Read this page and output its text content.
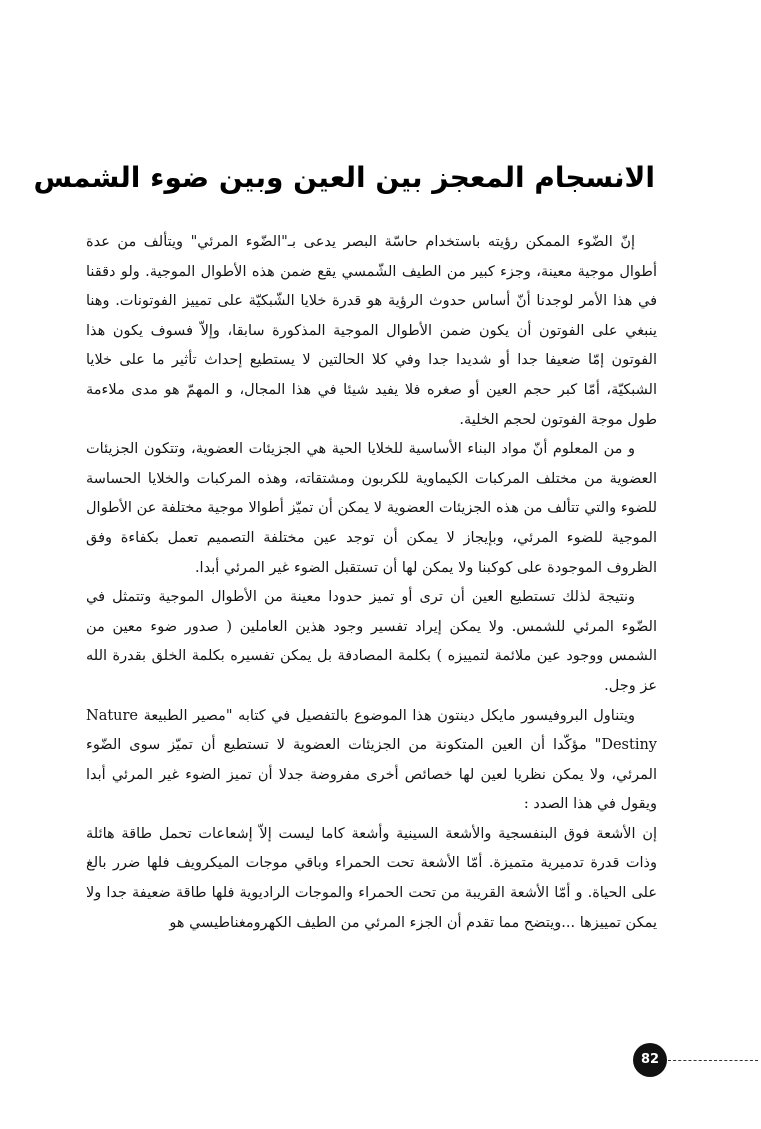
الانسجام المعجز بين العين وبين ضوء الشمس

إنّ الضّوء الممكن رؤيته باستخدام حاسّة البصر يدعى بـ"الضّوء المرئي" ويتألف من عدة أطوال موجية معينة، وجزء كبير من الطيف الشّمسي يقع ضمن هذه الأطوال الموجية. ولو دققنا في هذا الأمر لوجدنا أنّ أساس حدوث الرؤية هو قدرة خلايا الشّبكيّة على تمييز الفوتونات. وهنا ينبغي على الفوتون أن يكون ضمن الأطوال الموجية المذكورة سابقا، وإلاّ فسوف يكون هذا الفوتون إمّا ضعيفا جدا أو شديدا جدا وفي كلا الحالتين لا يستطيع إحداث تأثير ما على خلايا الشبكيّة، أمّا كبر حجم العين أو صغره فلا يفيد شيئا في هذا المجال، و المهمّ هو مدى ملاءمة طول موجة الفوتون لحجم الخلية.

و من المعلوم أنّ مواد البناء الأساسية للخلايا الحية هي الجزيئات العضوية، وتتكون الجزيئات العضوية من مختلف المركبات الكيماوية للكربون ومشتقاته، وهذه المركبات والخلايا الحساسة للضوء والتي تتألف من هذه الجزيئات العضوية لا يمكن أن تميّز أطوالا موجية مختلفة عن الأطوال الموجية للضوء المرئي، وبإيجاز لا يمكن أن توجد عين مختلفة التصميم تعمل بكفاءة وفق الظروف الموجودة على كوكبنا ولا يمكن لها أن تستقبل الضوء غير المرئي أبدا.

ونتيجة لذلك تستطيع العين أن ترى أو تميز حدودا معينة من الأطوال الموجية وتتمثل في الضّوء المرئي للشمس. ولا يمكن إيراد تفسير وجود هذين العاملين ( صدور ضوء معين من الشمس ووجود عين ملائمة لتمييزه ) بكلمة المصادفة بل يمكن تفسيره بكلمة الخلق بقدرة الله عز وجل.

ويتناول البروفيسور مايكل دينتون هذا الموضوع بالتفصيل في كتابه "مصير الطبيعة Nature Destiny" مؤكّدا أن العين المتكونة من الجزيئات العضوية لا تستطيع أن تميّز سوى الضّوء المرئي، ولا يمكن نظريا لعين لها خصائص أخرى مفروضة جدلا أن تميز الضوء غير المرئي أبدا ويقول في هذا الصدد :

إن الأشعة فوق البنفسجية والأشعة السينية وأشعة كاما ليست إلاّ إشعاعات تحمل طاقة هائلة وذات قدرة تدميرية متميزة. أمّا الأشعة تحت الحمراء وباقي موجات الميكرويف فلها ضرر بالغ على الحياة. و أمّا الأشعة القريبة من تحت الحمراء والموجات الراديوية فلها طاقة ضعيفة جدا ولا يمكن تمييزها ...ويتضح مما تقدم أن الجزء المرئي من الطيف الكهرومغناطيسي هو

82
